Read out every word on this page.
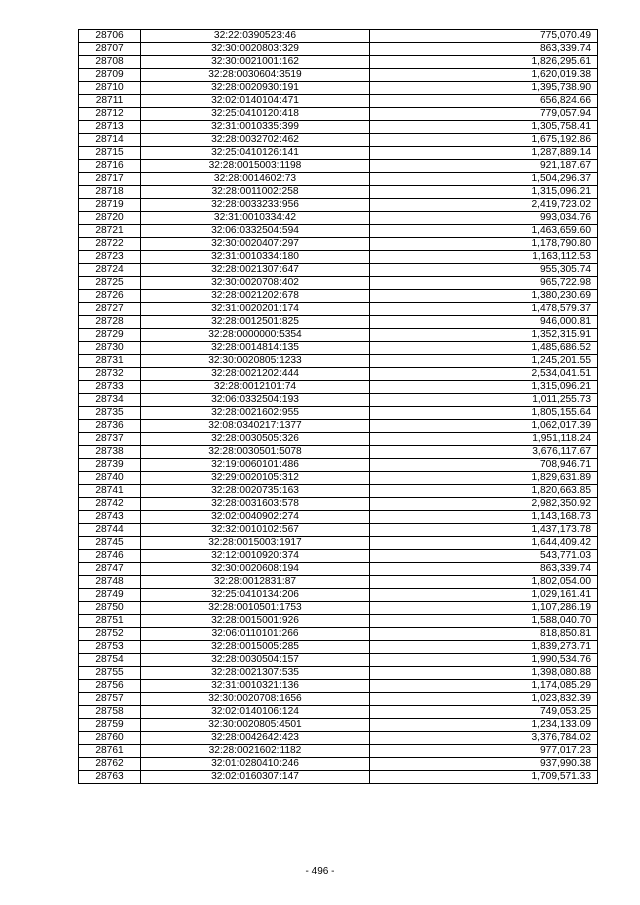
28706	32:22:0390523:46	775,070.49
28707	32:30:0020803:329	863,339.74
28708	32:30:0021001:162	1,826,295.61
28709	32:28:0030604:3519	1,620,019.38
28710	32:28:0020930:191	1,395,738.90
28711	32:02:0140104:471	656,824.66
28712	32:25:0410120:418	779,057.94
28713	32:31:0010335:399	1,305,758.41
28714	32:28:0032702:462	1,675,192.86
28715	32:25:0410126:141	1,287,889.14
28716	32:28:0015003:1198	921,187.67
28717	32:28:0014602:73	1,504,296.37
28718	32:28:0011002:258	1,315,096.21
28719	32:28:0033233:956	2,419,723.02
28720	32:31:0010334:42	993,034.76
28721	32:06:0332504:594	1,463,659.60
28722	32:30:0020407:297	1,178,790.80
28723	32:31:0010334:180	1,163,112.53
28724	32:28:0021307:647	955,305.74
28725	32:30:0020708:402	965,722.98
28726	32:28:0021202:678	1,380,230.69
28727	32:31:0020201:174	1,478,579.37
28728	32:28:0012501:825	946,000.81
28729	32:28:0000000:5354	1,352,315.91
28730	32:28:0014814:135	1,485,686.52
28731	32:30:0020805:1233	1,245,201.55
28732	32:28:0021202:444	2,534,041.51
28733	32:28:0012101:74	1,315,096.21
28734	32:06:0332504:193	1,011,255.73
28735	32:28:0021602:955	1,805,155.64
28736	32:08:0340217:1377	1,062,017.39
28737	32:28:0030505:326	1,951,118.24
28738	32:28:0030501:5078	3,676,117.67
28739	32:19:0060101:486	708,946.71
28740	32:29:0020105:312	1,829,631.89
28741	32:28:0020735:163	1,820,663.85
28742	32:28:0031603:578	2,982,350.92
28743	32:02:0040902:274	1,143,168.73
28744	32:32:0010102:567	1,437,173.78
28745	32:28:0015003:1917	1,644,409.42
28746	32:12:0010920:374	543,771.03
28747	32:30:0020608:194	863,339.74
28748	32:28:0012831:87	1,802,054.00
28749	32:25:0410134:206	1,029,161.41
28750	32:28:0010501:1753	1,107,286.19
28751	32:28:0015001:926	1,588,040.70
28752	32:06:0110101:266	818,850.81
28753	32:28:0015005:285	1,839,273.71
28754	32:28:0030504:157	1,990,534.76
28755	32:28:0021307:535	1,398,080.88
28756	32:31:0010321:136	1,174,085.29
28757	32:30:0020708:1656	1,023,832.39
28758	32:02:0140106:124	749,053.25
28759	32:30:0020805:4501	1,234,133.09
28760	32:28:0042642:423	3,376,784.02
28761	32:28:0021602:1182	977,017.23
28762	32:01:0280410:246	937,990.38
28763	32:02:0160307:147	1,709,571.33
- 496 -
